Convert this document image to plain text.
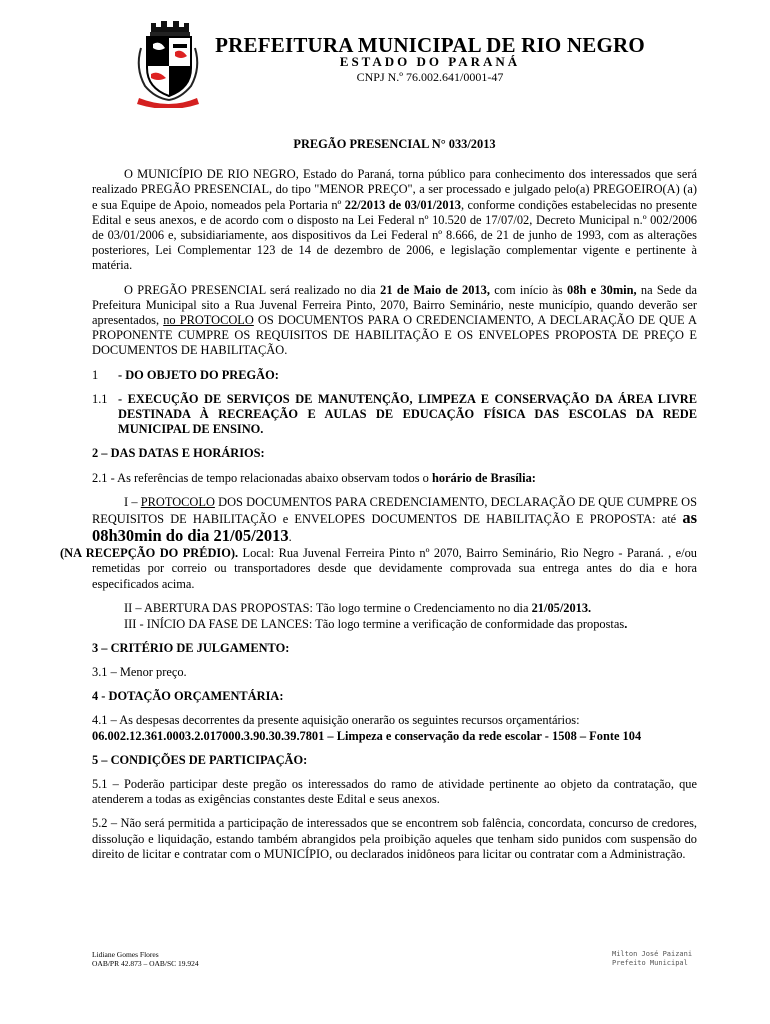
PREFEITURA MUNICIPAL DE RIO NEGRO
ESTADO DO PARANÁ
CNPJ N.º 76.002.641/0001-47
PREGÃO PRESENCIAL N° 033/2013

O MUNICÍPIO DE RIO NEGRO, Estado do Paraná, torna público para conhecimento dos interessados que será realizado PREGÃO PRESENCIAL, do tipo "MENOR PREÇO", a ser processado e julgado pelo(a) PREGOEIRO(A) (a) e sua Equipe de Apoio, nomeados pela Portaria nº 22/2013 de 03/01/2013, conforme condições estabelecidas no presente Edital e seus anexos, e de acordo com o disposto na Lei Federal nº 10.520 de 17/07/02, Decreto Municipal n.º 002/2006 de 03/01/2006 e, subsidiariamente, aos dispositivos da Lei Federal nº 8.666, de 21 de junho de 1993, com as alterações posteriores, Lei Complementar 123 de 14 de dezembro de 2006, e legislação complementar vigente e pertinente à matéria.

O PREGÃO PRESENCIAL será realizado no dia 21 de Maio de 2013, com início às 08h e 30min, na Sede da Prefeitura Municipal sito a Rua Juvenal Ferreira Pinto, 2070, Bairro Seminário, neste município, quando deverão ser apresentados, no PROTOCOLO OS DOCUMENTOS PARA O CREDENCIAMENTO, A DECLARAÇÃO DE QUE A PROPONENTE CUMPRE OS REQUISITOS DE HABILITAÇÃO E OS ENVELOPES PROPOSTA DE PREÇO E DOCUMENTOS DE HABILITAÇÃO.

1 - DO OBJETO DO PREGÃO:

1.1 - EXECUÇÃO DE SERVIÇOS DE MANUTENÇÃO, LIMPEZA E CONSERVAÇÃO DA ÁREA LIVRE DESTINADA À RECREAÇÃO E AULAS DE EDUCAÇÃO FÍSICA DAS ESCOLAS DA REDE MUNICIPAL DE ENSINO.

2 – DAS DATAS E HORÁRIOS:

2.1 - As referências de tempo relacionadas abaixo observam todos o horário de Brasília:

I – PROTOCOLO DOS DOCUMENTOS PARA CREDENCIAMENTO, DECLARAÇÃO DE QUE CUMPRE OS REQUISITOS DE HABILITAÇÃO e ENVELOPES DOCUMENTOS DE HABILITAÇÃO E PROPOSTA: até as 08h30min do dia 21/05/2013.
(NA RECEPÇÃO DO PRÉDIO). Local: Rua Juvenal Ferreira Pinto nº 2070, Bairro Seminário, Rio Negro - Paraná. , e/ou remetidas por correio ou transportadores desde que devidamente comprovada sua entrega antes do dia e hora especificados acima.

II – ABERTURA DAS PROPOSTAS: Tão logo termine o Credenciamento no dia 21/05/2013.

III - INÍCIO DA FASE DE LANCES: Tão logo termine a verificação de conformidade das propostas.

3 – CRITÉRIO DE JULGAMENTO:

3.1 – Menor preço.

4 - DOTAÇÃO ORÇAMENTÁRIA:

4.1 – As despesas decorrentes da presente aquisição onerarão os seguintes recursos orçamentários:

06.002.12.361.0003.2.017000.3.90.30.39.7801 – Limpeza e conservação da rede escolar - 1508 – Fonte 104

5 – CONDIÇÕES DE PARTICIPAÇÃO:

5.1 – Poderão participar deste pregão os interessados do ramo de atividade pertinente ao objeto da contratação, que atenderem a todas as exigências constantes deste Edital e seus anexos.

5.2 – Não será permitida a participação de interessados que se encontrem sob falência, concordata, concurso de credores, dissolução e liquidação, estando também abrangidos pela proibição aqueles que tenham sido punidos com suspensão do direito de licitar e contratar com o MUNICÍPIO, ou declarados inidôneos para licitar ou contratar com a Administração.

Lidiane Gomes Flores
OAB/PR 42.873 – OAB/SC 19.924
Milton José Paizani
Prefeito Municipal
